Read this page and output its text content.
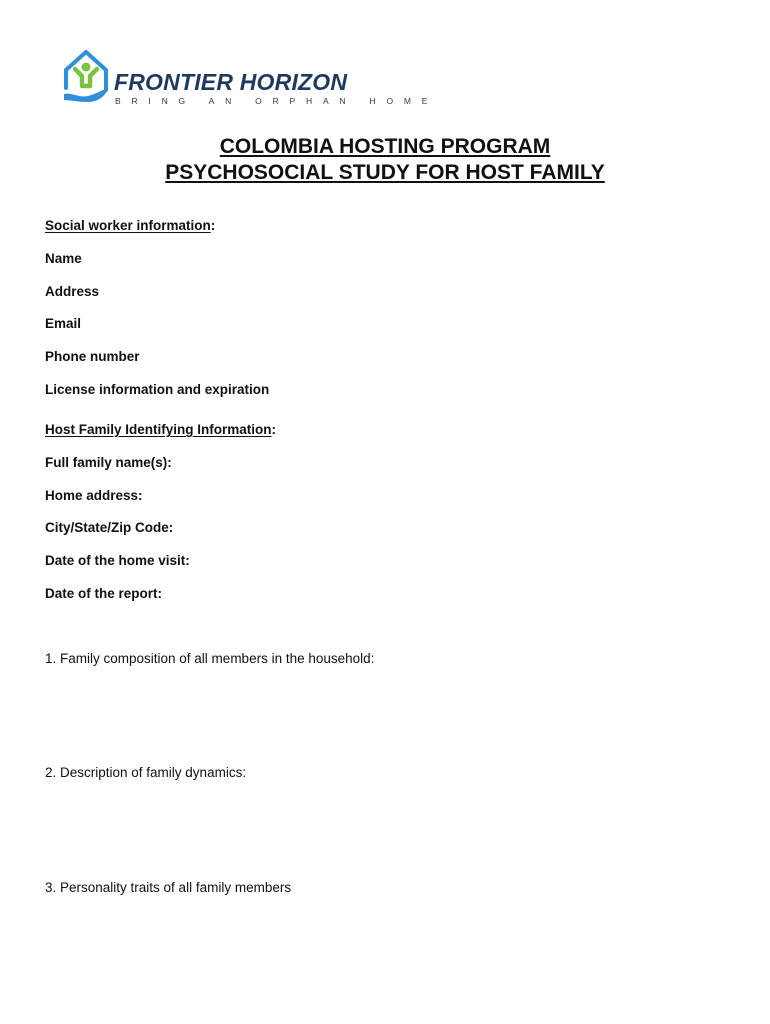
FRONTIER HORIZON
BRING AN ORPHAN HOME
COLOMBIA HOSTING PROGRAM
PSYCHOSOCIAL STUDY FOR HOST FAMILY
Social worker information:
Name
Address
Email
Phone number
License information and expiration
Host Family Identifying Information:
Full family name(s):
Home address:
City/State/Zip Code:
Date of the home visit:
Date of the report:
1. Family composition of all members in the household:
2. Description of family dynamics:
3. Personality traits of all family members
